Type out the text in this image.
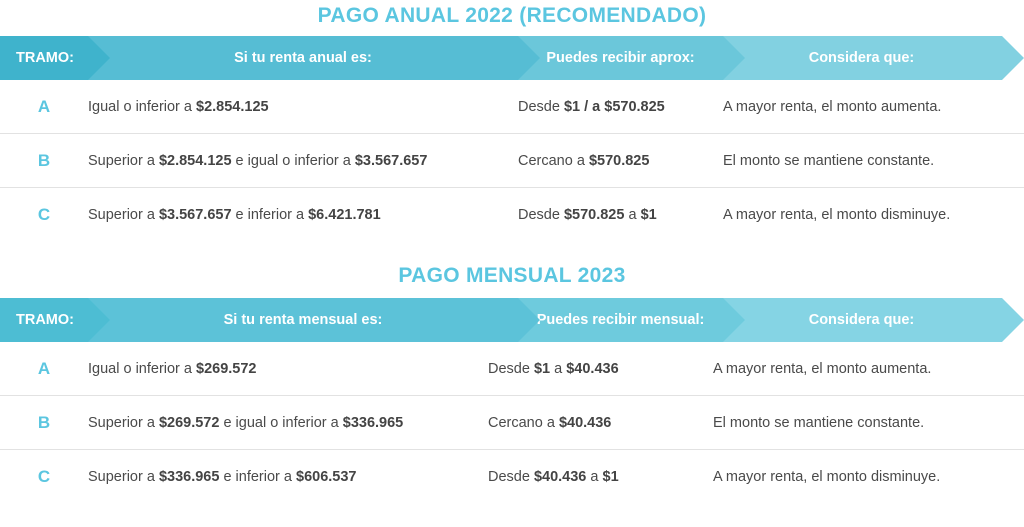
PAGO ANUAL 2022 (RECOMENDADO)
TRAMO:	Si tu renta anual es:	Puedes recibir aprox:	Considera que:
A	Igual o inferior a $2.854.125	Desde $1 / a $570.825	A mayor renta, el monto aumenta.
B	Superior a $2.854.125 e igual o inferior a $3.567.657	Cercano a $570.825	El monto se mantiene constante.
C	Superior a $3.567.657 e inferior a $6.421.781	Desde $570.825 a $1	A mayor renta, el monto disminuye.
PAGO MENSUAL 2023
TRAMO:	Si tu renta mensual es:	Puedes recibir mensual:	Considera que:
A	Igual o inferior a $269.572	Desde $1 a $40.436	A mayor renta, el monto aumenta.
B	Superior a $269.572 e igual o inferior a $336.965	Cercano a $40.436	El monto se mantiene constante.
C	Superior a $336.965 e inferior a $606.537	Desde $40.436 a $1	A mayor renta, el monto disminuye.
